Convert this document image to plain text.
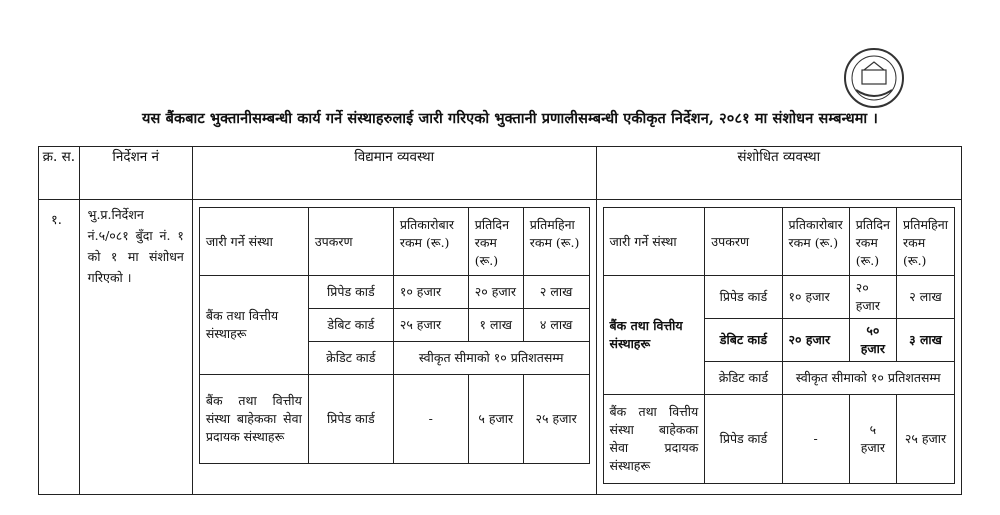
यस बैंकबाट भुक्तानीसम्बन्धी कार्य गर्ने संस्थाहरुलाई जारी गरिएको भुक्तानी प्रणालीसम्बन्धी एकीकृत निर्देशन, २०८१ मा संशोधन सम्बन्धमा ।
क्र. स.	निर्देशन नं	विद्यमान व्यवस्था	संशोधित व्यवस्था
१.	भु.प्र.निर्देशन नं.५/०८१ बुँदा नं. १ को १ मा संशोधन गरिएको ।	
जारी गर्ने संस्था	उपकरण	प्रतिकारोबार रकम (रू.)	प्रतिदिन रकम (रू.)	प्रतिमहिना रकम (रू.)
बैंक तथा वित्तीय संस्थाहरू	प्रिपेड कार्ड	१० हजार	२० हजार	२ लाख
डेबिट कार्ड	२५ हजार	१ लाख	४ लाख
क्रेडिट कार्ड	स्वीकृत सीमाको १० प्रतिशतसम्म
बैंक तथा वित्तीय संस्था बाहेकका सेवा प्रदायक संस्थाहरू	प्रिपेड कार्ड	-	५ हजार	२५ हजार

जारी गर्ने संस्था	उपकरण	प्रतिकारोबार रकम (रू.)	प्रतिदिन रकम (रू.)	प्रतिमहिना रकम (रू.)
बैंक तथा वित्तीय संस्थाहरू	प्रिपेड कार्ड	१० हजार	२० हजार	२ लाख
डेबिट कार्ड	२० हजार	५० हजार	३ लाख
क्रेडिट कार्ड	स्वीकृत सीमाको १० प्रतिशतसम्म
बैंक तथा वित्तीय संस्था बाहेकका सेवा प्रदायक संस्थाहरू	प्रिपेड कार्ड	-	५ हजार	२५ हजार
